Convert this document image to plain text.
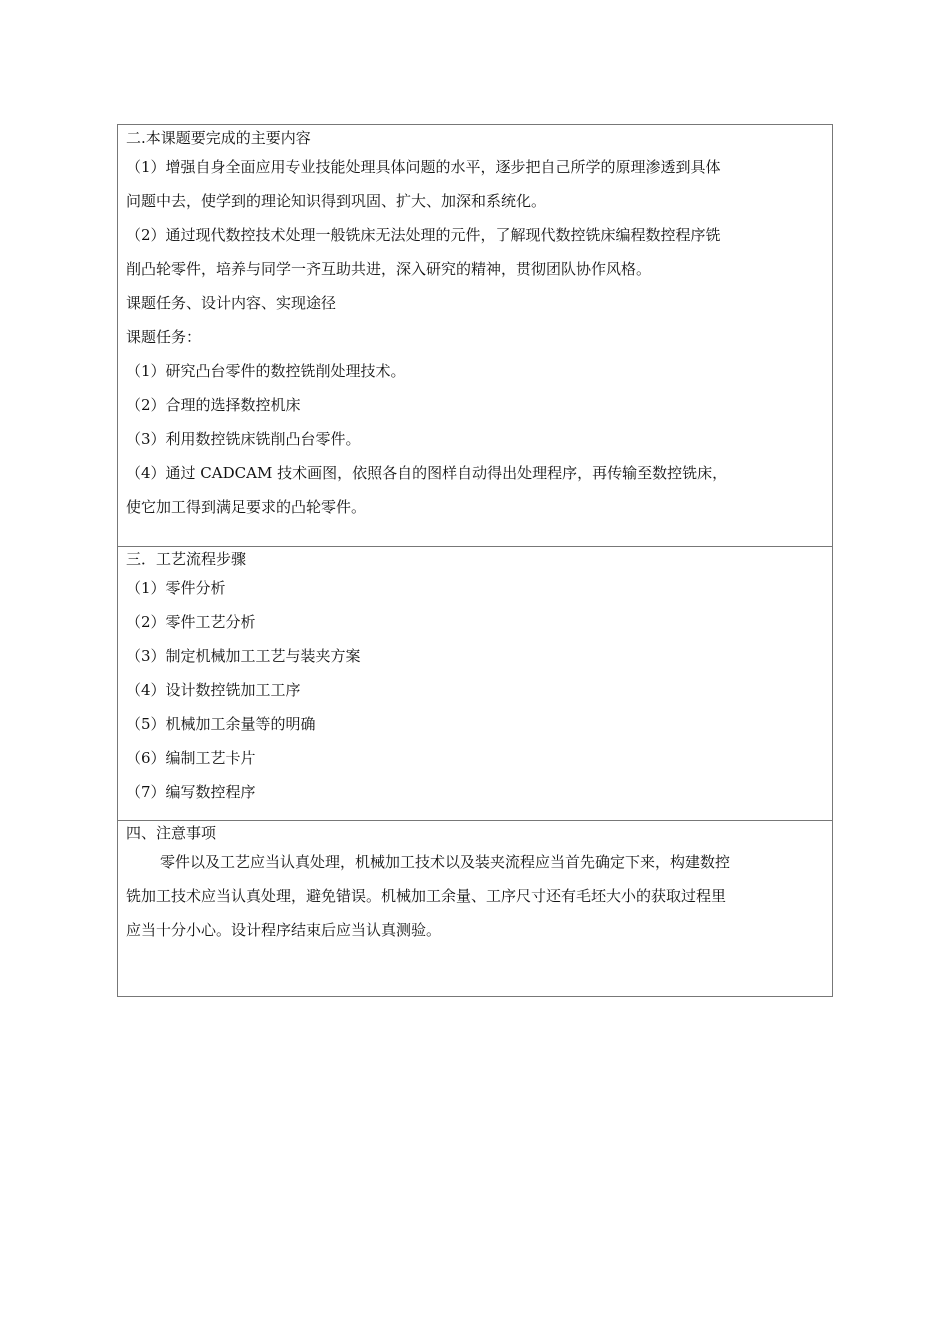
二.本课题要完成的主要内容
（1）增强自身全面应用专业技能处理具体问题的水平，逐步把自己所学的原理渗透到具体
问题中去，使学到的理论知识得到巩固、扩大、加深和系统化。
（2）通过现代数控技术处理一般铣床无法处理的元件，了解现代数控铣床编程数控程序铣
削凸轮零件，培养与同学一齐互助共进，深入研究的精神，贯彻团队协作风格。
课题任务、设计内容、实现途径
课题任务：
（1）研究凸台零件的数控铣削处理技术。
（2）合理的选择数控机床
（3）利用数控铣床铣削凸台零件。
（4）通过 CADCAM 技术画图，依照各自的图样自动得出处理程序，再传输至数控铣床，
使它加工得到满足要求的凸轮零件。
三．工艺流程步骤
（1）零件分析
（2）零件工艺分析
（3）制定机械加工工艺与装夹方案
（4）设计数控铣加工工序
（5）机械加工余量等的明确
（6）编制工艺卡片
（7）编写数控程序
四、注意事项
零件以及工艺应当认真处理，机械加工技术以及装夹流程应当首先确定下来，构建数控
铣加工技术应当认真处理，避免错误。机械加工余量、工序尺寸还有毛坯大小的获取过程里
应当十分小心。设计程序结束后应当认真测验。
